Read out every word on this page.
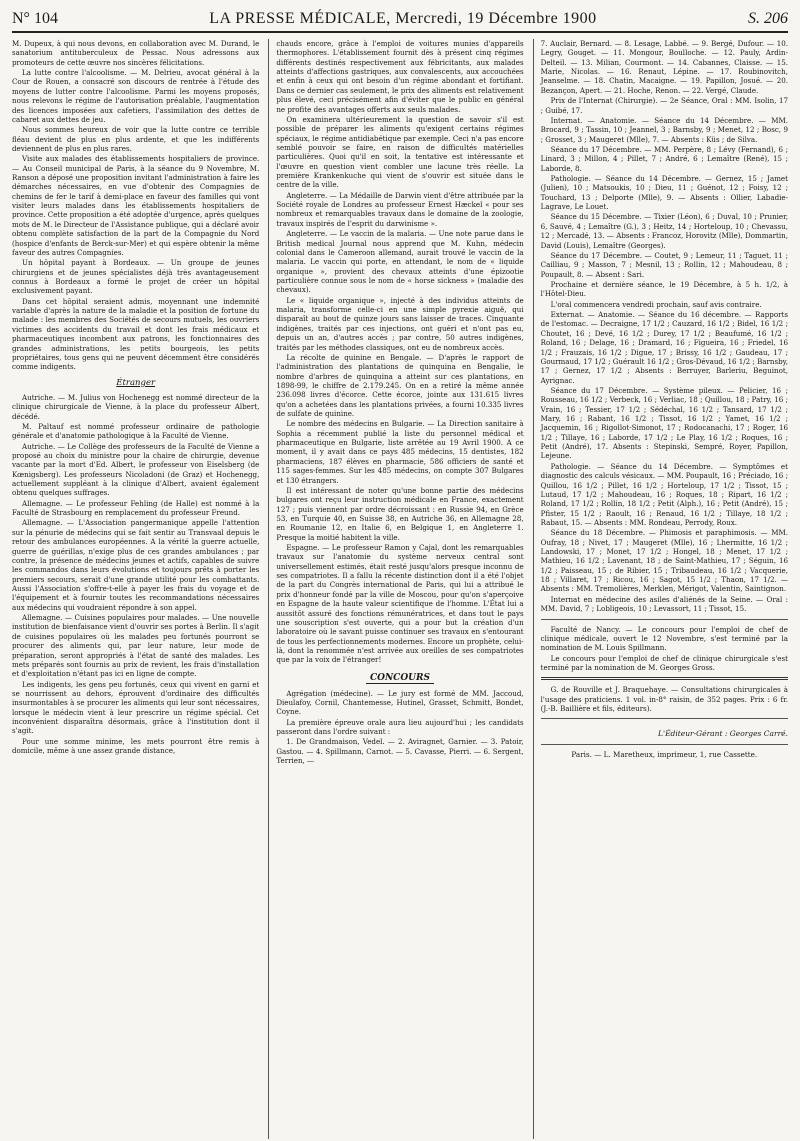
N° 104	LA PRESSE MÉDICALE, Mercredi, 19 Décembre 1900	S. 206

M. Dupeux, à qui nous devons, en collaboration avec M. Durand, le sanatorium antituberculeux de Pessac. Nous adressons aux promoteurs de cette œuvre nos sincères félicitations.

La lutte contre l'alcoolisme. — M. Delrieu, avocat général à la Cour de Rouen, a consacré son discours de rentrée à l'étude des moyens de lutter contre l'alcoolisme. Parmi les moyens proposés, nous relevons le régime de l'autorisation préalable, l'augmentation des licences imposées aux cafetiers, l'assimilation des dettes de cabaret aux dettes de jeu.

Nous sommes heureux de voir que la lutte contre ce terrible fléau devient de plus en plus ardente, et que les indifférents deviennent de plus en plus rares.

Visite aux malades des établissements hospitaliers de province. — Au Conseil municipal de Paris, à la séance du 9 Novembre, M. Ranson a déposé une proposition invitant l'administration à faire les démarches nécessaires, en vue d'obtenir des Compagnies de chemins de fer le tarif à demi-place en faveur des familles qui vont visiter leurs malades dans les établissements hospitaliers de province. Cette proposition a été adoptée d'urgence, après quelques mots de M. le Directeur de l'Assistance publique, qui a déclaré avoir obtenu complète satisfaction de la part de la Compagnie du Nord (hospice d'enfants de Berck-sur-Mer) et qui espère obtenir la même faveur des autres Compagnies.

Un hôpital payant à Bordeaux. — Un groupe de jeunes chirurgiens et de jeunes spécialistes déjà très avantageusement connus à Bordeaux a formé le projet de créer un hôpital exclusivement payant.

Dans cet hôpital seraient admis, moyennant une indemnité variable d'après la nature de la maladie et la position de fortune du malade : les membres des Sociétés de secours mutuels, les ouvriers victimes des accidents du travail et dont les frais médicaux et pharmaceutiques incombent aux patrons, les fonctionnaires des grandes administrations, les petits bourgeois, les petits propriétaires, tous gens qui ne peuvent décemment être considérés comme indigents.

Étranger

Autriche. — M. Julius von Hochenegg est nommé directeur de la clinique chirurgicale de Vienne, à la place du professeur Albert, décédé.

M. Paltauf est nommé professeur ordinaire de pathologie générale et d'anatomie pathologique à la Faculté de Vienne.

Autriche. — Le Collège des professeurs de la Faculté de Vienne a proposé au choix du ministre pour la chaire de chirurgie, devenue vacante par la mort d'Ed. Albert, le professeur von Eiselsberg (de Kœnigsberg). Les professeurs Nicoladoni (de Graz) et Hochenegg, actuellement suppléant à la clinique d'Albert, avaient également obtenu quelques suffrages.

Allemagne. — Le professeur Fehling (de Halle) est nommé à la Faculté de Strasbourg en remplacement du professeur Freund.

Allemagne. — L'Association pangermanique appelle l'attention sur la pénurie de médecins qui se fait sentir au Transvaal depuis le retour des ambulances européennes. A la vérité la guerre actuelle, guerre de guérillas, n'exige plus de ces grandes ambulances ; par contre, la présence de médecins jeunes et actifs, capables de suivre les commandos dans leurs évolutions et toujours prêts à porter les premiers secours, serait d'une grande utilité pour les combattants. Aussi l'Association s'offre-t-elle à payer les frais du voyage et de l'équipement et à fournir toutes les recommandations nécessaires aux médecins qui voudraient répondre à son appel.

Allemagne. — Cuisines populaires pour malades. — Une nouvelle institution de bienfaisance vient d'ouvrir ses portes à Berlin. Il s'agit de cuisines populaires où les malades peu fortunés pourront se procurer des aliments qui, par leur nature, leur mode de préparation, seront appropriés à l'état de santé des malades. Les mets préparés sont fournis au prix de revient, les frais d'installation et d'exploitation n'étant pas ici en ligne de compte.

Les indigents, les gens peu fortunés, ceux qui vivent en garni et se nourrissent au dehors, éprouvent d'ordinaire des difficultés insurmontables à se procurer les aliments qui leur sont nécessaires, lorsque le médecin vient à leur prescrire un régime spécial. Cet inconvénient disparaîtra désormais, grâce à l'institution dont il s'agit.

Pour une somme minime, les mets pourront être remis à domicile, même à une assez grande distance,

chauds encore, grâce à l'emploi de voitures munies d'appareils thermophores. L'établissement fournit dès à présent cinq régimes différents destinés respectivement aux fébricitants, aux malades atteints d'affections gastriques, aux convalescents, aux accouchées et enfin à ceux qui ont besoin d'un régime abondant et fortifiant. Dans ce dernier cas seulement, le prix des aliments est relativement plus élevé, ceci précisément afin d'éviter que le public en général ne profite des avantages offerts aux seuls malades.

On examinera ultérieurement la question de savoir s'il est possible de préparer les aliments qu'exigent certains régimes spéciaux, le régime antidiabétique par exemple. Ceci n'a pas encore semblé pouvoir se faire, en raison de difficultés matérielles particulières. Quoi qu'il en soit, la tentative est intéressante et l'œuvre en question vient combler une lacune très réelle. La première Krankenkuche qui vient de s'ouvrir est située dans le centre de la ville.

Angleterre. — La Médaille de Darwin vient d'être attribuée par la Société royale de Londres au professeur Ernest Hæckel « pour ses nombreux et remarquables travaux dans le domaine de la zoologie, travaux inspirés de l'esprit du darwinisme ».

Angleterre. — Le vaccin de la malaria. — Une note parue dans le British medical Journal nous apprend que M. Kuhn, médecin colonial dans le Cameroon allemand, aurait trouvé le vaccin de la malaria. Le vaccin qui porte, en attendant, le nom de « liquide organique », provient des chevaux atteints d'une épizootie particulière connue sous le nom de « horse sickness » (maladie des chevaux).

Le « liquide organique », injecté à des individus atteints de malaria, transforme celle-ci en une simple pyrexie aiguë, qui disparaît au bout de quinze jours sans laisser de traces. Cinquante indigènes, traités par ces injections, ont guéri et n'ont pas eu, depuis un an, d'autres accès ; par contre, 50 autres indigènes, traités par les méthodes classiques, ont eu de nombreux accès.

La récolte de quinine en Bengale. — D'après le rapport de l'administration des plantations de quinquina en Bengalie, le nombre d'arbres de quinquina a atteint sur ces plantations, en 1898-99, le chiffre de 2.179.245. On en a retiré la même année 236.098 livres d'écorce. Cette écorce, jointe aux 131.615 livres qu'on a achetées dans les plantations privées, a fourni 10.335 livres de sulfate de quinine.

Le nombre des médecins en Bulgarie. — La Direction sanitaire à Sophia a récemment publié la liste du personnel médical et pharmaceutique en Bulgarie, liste arrêtée au 19 Avril 1900. A ce moment, il y avait dans ce pays 485 médecins, 15 dentistes, 182 pharmaciens, 187 élèves en pharmacie, 586 officiers de santé et 115 sages-femmes. Sur les 485 médecins, on compte 307 Bulgares et 130 étrangers.

Il est intéressant de noter qu'une bonne partie des médecins bulgares ont reçu leur instruction médicale en France, exactement 127 ; puis viennent par ordre décroissant : en Russie 94, en Grèce 53, en Turquie 40, en Suisse 38, en Autriche 36, en Allemagne 28, en Roumanie 12, en Italie 6, en Belgique 1, en Angleterre 1. Presque la moitié habitent la ville.

Espagne. — Le professeur Ramon y Cajal, dont les remarquables travaux sur l'anatomie du système nerveux central sont universellement estimés, était resté jusqu'alors presque inconnu de ses compatriotes. Il a fallu la récente distinction dont il a été l'objet de la part du Congrès international de Paris, qui lui a attribué le prix d'honneur fondé par la ville de Moscou, pour qu'on s'aperçoive en Espagne de la haute valeur scientifique de l'homme. L'État lui a aussitôt assuré des fonctions rémunératrices, et dans tout le pays une souscription s'est ouverte, qui a pour but la création d'un laboratoire où le savant puisse continuer ses travaux en s'entourant de tous les perfectionnements modernes. Encore un prophète, celui-là, dont la renommée n'est arrivée aux oreilles de ses compatriotes que par la voix de l'étranger!

CONCOURS

Agrégation (médecine). — Le jury est formé de MM. Jaccoud, Dieulafoy, Cornil, Chantemesse, Hutinel, Grasset, Schmitt, Bondet, Coyne.

La première épreuve orale aura lieu aujourd'hui ; les candidats passeront dans l'ordre suivant :

1. De Grandmaison, Vedel. — 2. Aviragnet, Garnier. — 3. Patoir, Gastou. — 4. Spillmann, Carnot. — 5. Cavasse, Pierri. — 6. Sergent, Terrien, —

7. Auclair, Bernard. — 8. Lesage, Labbé. — 9. Bergé, Dufour. — 10. Legry, Gouget. — 11. Mongour, Boulloche. — 12. Pauly, Ardin-Delteil. — 13. Milian, Courmont. — 14. Cabannes, Claisse. — 15. Marie, Nicolas. — 16. Renaut, Lépine. — 17. Roubinovitch, Jeanselme. — 18. Chatin, Macaigne. — 19. Papillon, Josué. — 20. Bezançon, Apert. — 21. Hoche, Renon. — 22. Vergé, Claude.

Prix de l'Internat (Chirurgie). — 2e Séance, Oral : MM. Isolin, 17 ; Guibé, 17.

Internat. — Anatomie. — Séance du 14 Décembre. — MM. Brocard, 9 ; Tassin, 10 ; Jeannel, 3 ; Barnsby, 9 ; Menet, 12 ; Bosc, 9 ; Grosset, 3 ; Maugeret (Mlle), 7. — Absents : Küs ; de Silva.

Séance du 17 Décembre. — MM. Perpère, 8 ; Lévy (Fernand), 6 ; Linard, 3 ; Millon, 4 ; Pillet, 7 ; André, 6 ; Lemaître (René), 15 ; Laborde, 8.

Pathologie. — Séance du 14 Décembre. — Gernez, 15 ; Jamet (Julien), 10 ; Matsoukis, 10 ; Dieu, 11 ; Guénot, 12 ; Foisy, 12 ; Touchard, 13 ; Delporte (Mlle), 9. — Absents : Ollier, Labadie-Lagrave, Le Louet.

Séance du 15 Décembre. — Tixier (Léon), 6 ; Duval, 10 ; Prunier, 6, Sauvé, 4 ; Lemaître (G.), 3 ; Heitz, 14 ; Horteloup, 10 ; Chevassu, 12 ; Mercadé, 13. — Absents : Francoz, Horovitz (Mlle), Dommartin, David (Louis), Lemaître (Georges).

Séance du 17 Décembre. — Coutet, 9 ; Lemeur, 11 ; Taguet, 11 ; Cailliau, 9 ; Masson, 7 ; Mesnil, 13 ; Rollin, 12 ; Mahoudeau, 8 ; Poupault, 8. — Absent : Sari.

Prochaine et dernière séance, le 19 Décembre, à 5 h. 1/2, à l'Hôtel-Dieu.

L'oral commencera vendredi prochain, sauf avis contraire.

Externat. — Anatomie. — Séance du 16 décembre. — Rapports de l'estomac. — Decraigne, 17 1/2 ; Cauzard, 16 1/2 ; Bidel, 16 1/2 ; Choutet, 16 ; Devé, 16 1/2 ; Durey, 17 1/2 ; Beaufumé, 16 1/2 ; Roland, 16 ; Delage, 16 ; Dramard, 16 ; Figueira, 16 ; Friedel, 16 1/2 ; Frauzais, 16 1/2 ; Digue, 17 ; Brissy, 16 1/2 ; Gaudeau, 17 ; Gourmaud, 17 1/2 ; Guérault 16 1/2 ; Gros-Dévaud, 16 1/2 ; Barnsby, 17 ; Gernez, 17 1/2 ; Absents : Berruyer, Barleriu, Beguinot, Ayrignac.

Séance du 17 Décembre. — Système pileux. — Pelicier, 16 ; Rousseau, 16 1/2 ; Verbeck, 16 ; Verliac, 18 ; Quillou, 18 ; Patry, 16 ; Vrain, 16 ; Tessier, 17 1/2 ; Sédéchal, 16 1/2 ; Tansard, 17 1/2 ; Mary, 16 ; Rabant, 16 1/2 ; Tissot, 16 1/2 ; Yamet, 16 1/2 ; Jacquemin, 16 ; Rigollot-Simonot, 17 ; Rodocanachi, 17 ; Roger, 16 1/2 ; Tillaye, 16 ; Laborde, 17 1/2 ; Le Play, 16 1/2 ; Roques, 16 ; Petit (André), 17. Absents : Stepinski, Sempré, Royer, Papillon, Lejeune.

Pathologie. — Séance du 14 Décembre. — Symptômes et diagnostic des calculs vésicaux. — MM. Poupault, 16 ; Préciado, 16 ; Quillou, 16 1/2 ; Pillet, 16 1/2 ; Horteloup, 17 1/2 ; Tissot, 15 ; Lutaud, 17 1/2 ; Mahoudeau, 16 ; Roques, 18 ; Ripart, 16 1/2 ; Roland, 17 1/2 ; Rollin, 18 1/2 ; Petit (Alph.), 16 ; Petit (André), 15 ; Pfister, 15 1/2 ; Raoult, 16 ; Renaud, 16 1/2 ; Tillaye, 18 1/2 ; Rabaut, 15. — Absents : MM. Rondeau, Perrody, Roux.

Séance du 18 Décembre. — Phimosis et paraphimosis. — MM. Oufray, 18 ; Nivet, 17 ; Maugeret (Mlle), 16 ; Lhermitte, 16 1/2 ; Landowski, 17 ; Monet, 17 1/2 ; Hongel, 18 ; Menet, 17 1/2 ; Mathieu, 16 1/2 ; Lavenant, 18 ; de Saint-Mathieu, 17 ; Séguin, 16 1/2 ; Paisseau, 15 ; de Ribier, 15 ; Tribaudeau, 16 1/2 ; Vacquerie, 18 ; Villaret, 17 ; Ricou, 16 ; Sagot, 15 1/2 ; Thaon, 17 1/2. — Absents : MM. Tremolières, Merklen, Mérigot, Valentin, Saintignon.

Internat en médecine des asiles d'aliénés de la Seine. — Oral : MM. David, 7 ; Lobligeois, 10 ; Levassort, 11 ; Tissot, 15.

Faculté de Nancy. — Le concours pour l'emploi de chef de clinique médicale, ouvert le 12 Novembre, s'est terminé par la nomination de M. Louis Spillmann.

Le concours pour l'emploi de chef de clinique chirurgicale s'est terminé par la nomination de M. Georges Gross.

G. de Rouville et J. Braquehaye. — Consultations chirurgicales à l'usage des praticiens. 1 vol. in-8° raisin, de 352 pages. Prix : 6 fr. (J.-B. Baillière et fils, éditeurs).

L'Éditeur-Gérant : Georges Carré.
Paris. — L. Maretheux, imprimeur, 1, rue Cassette.
